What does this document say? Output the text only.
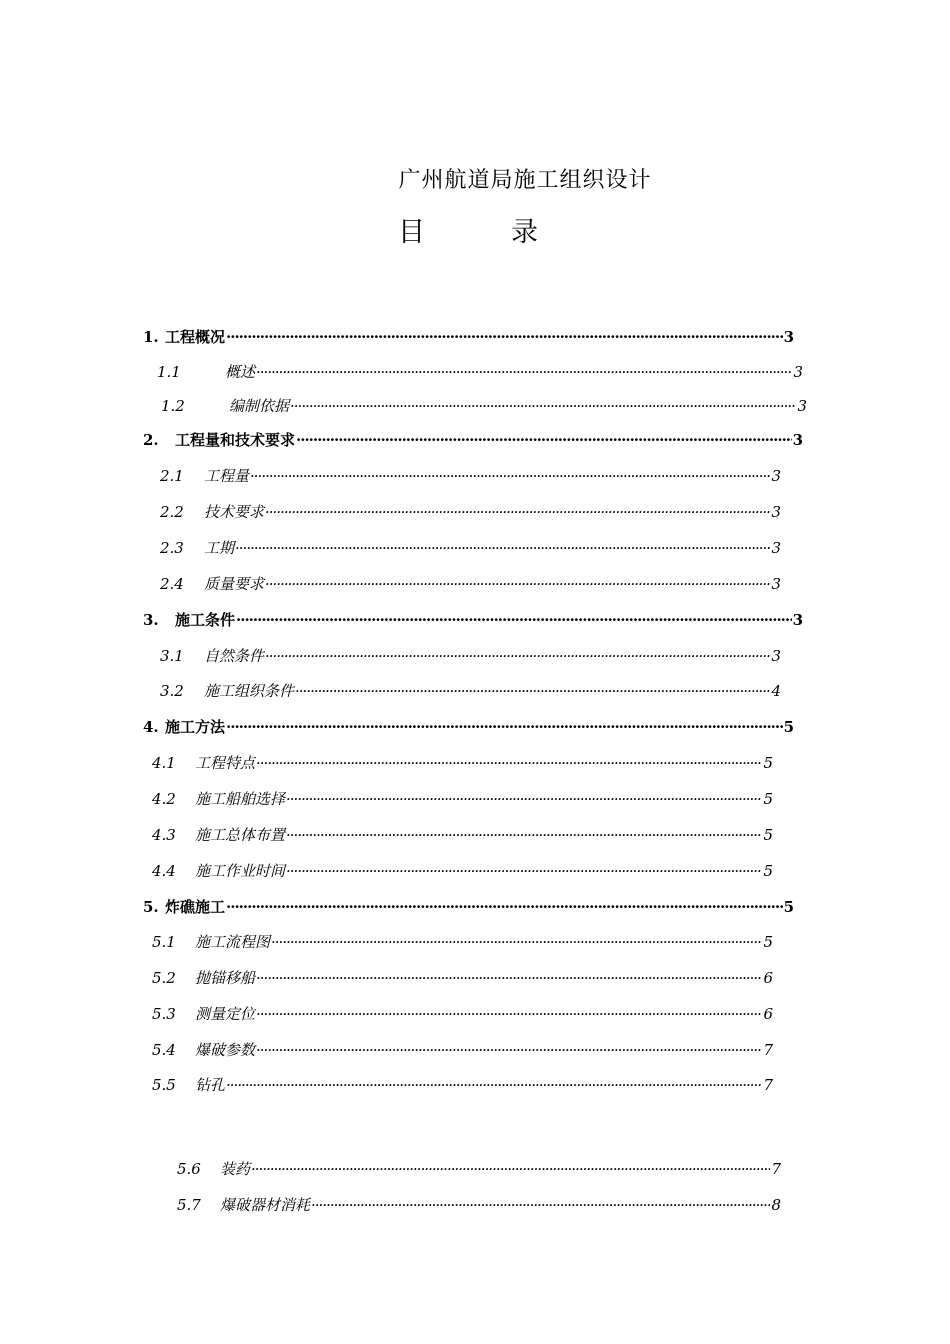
广州航道局施工组织设计
目	录
1. 工程概况 ·····	3
1.1	概述 ·····	3
1.2	编制依据 ·····	3
2.	工程量和技术要求 ·····	3
2.1	工程量 ·····	3
2.2	技术要求 ·····	3
2.3	工期 ·····	3
2.4	质量要求 ·····	3
3.	施工条件 ·····	3
3.1	自然条件 ·····	3
3.2	施工组织条件 ·····	4
4. 施工方法 ·····	5
4.1	工程特点 ·····	5
4.2	施工船舶选择 ·····	5
4.3	施工总体布置 ·····	5
4.4	施工作业时间 ·····	5
5. 炸礁施工 ·····	5
5.1	施工流程图 ·····	5
5.2	抛锚移船 ·····	6
5.3	测量定位 ·····	6
5.4	爆破参数 ·····	7
5.5	钻孔 ·····	7
5.6	装药 ·····	7
5.7	爆破器材消耗 ·····	8
